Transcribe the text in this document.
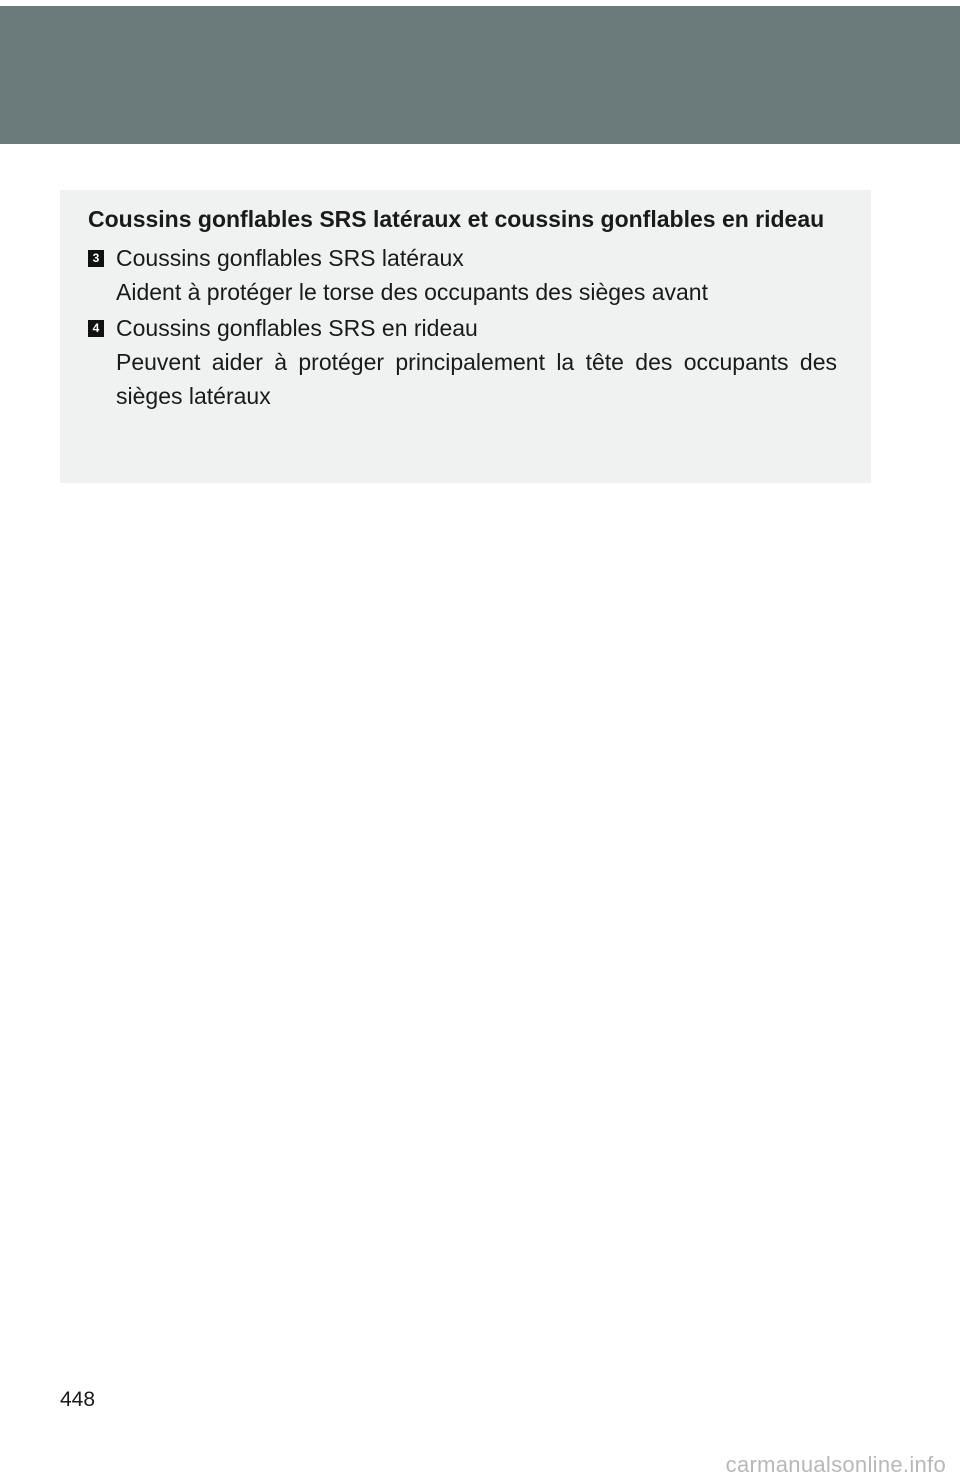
Coussins gonflables SRS latéraux et coussins gonflables en rideau
3 Coussins gonflables SRS latéraux
Aident à protéger le torse des occupants des sièges avant
4 Coussins gonflables SRS en rideau
Peuvent aider à protéger principalement la tête des occupants des sièges latéraux
448
carmanualsonline.info
